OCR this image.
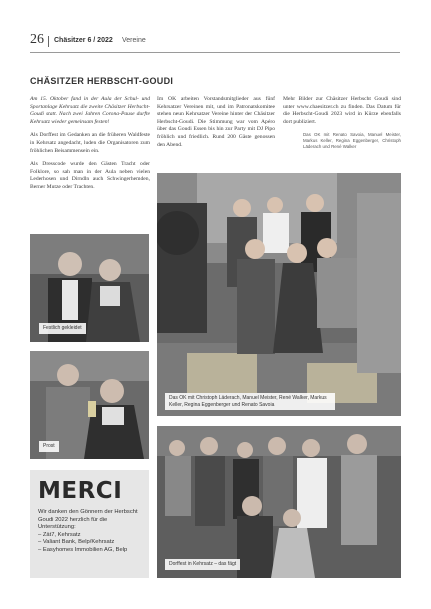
26 Chäsitzer 6 / 2022 Vereine
CHÄSITZER HERBSCHT-GOUDI

Am 15. Oktober fand in der Aula der Schul- und Sportanlage Kehrsatz die zweite Chäsitzer Herbscht-Goudi statt. Nach zwei Jahren Corona-Pause durfte Kehrsatz wieder gemeinsam festen!

Als Dorffest im Gedanken an die früheren Waldfeste in Kehrsatz angedacht, luden die Organisatoren zum fröhlichen Beisammensein ein.

Als Dresscode wurde den Gästen Tracht oder Folklore, so sah man in der Aula neben vielen Lederhosen und Dirndln auch Schwingerhemden, Berner Mutze oder Trachten.

Im OK arbeiten Vorstandsmitglieder aus fünf Kehrsatzer Vereinen mit, und im Patronatskomitee stehen neun Kehrsatzer Vereine hinter der Chäsitzer Herbscht-Goudi. Die Stimmung war vom Apéro über das Goudi Essen bis hin zur Party mit DJ Pipo fröhlich und friedlich. Rund 200 Gäste genossen den Abend.

Mehr Bilder zur Chäsitzer Herbscht Goudi sind unter www.chaesitzer.ch zu finden. Das Datum für die Herbscht-Goudi 2023 wird in Kürze ebenfalls dort publiziert.

Das OK mit Renato Savoia, Manuel Meister, Markus Keller, Regina Eggenberger, Christoph Läderach und René Walker
Das OK mit Christoph Läderach, Manuel Meister, René Walker, Markus Keller, Regina Eggenberger und Renato Savoia
Festlich gekleidet
Prost
Dorffest in Kehrsatz – das fägt
MERCI
Wir danken den Gönnern der Herbscht Goudi 2022 herzlich für die Unterstützung:
– Zät7, Kehrsatz
– Valiant Bank, Belp/Kehrsatz
– Easyhomes Immobilien AG, Belp
